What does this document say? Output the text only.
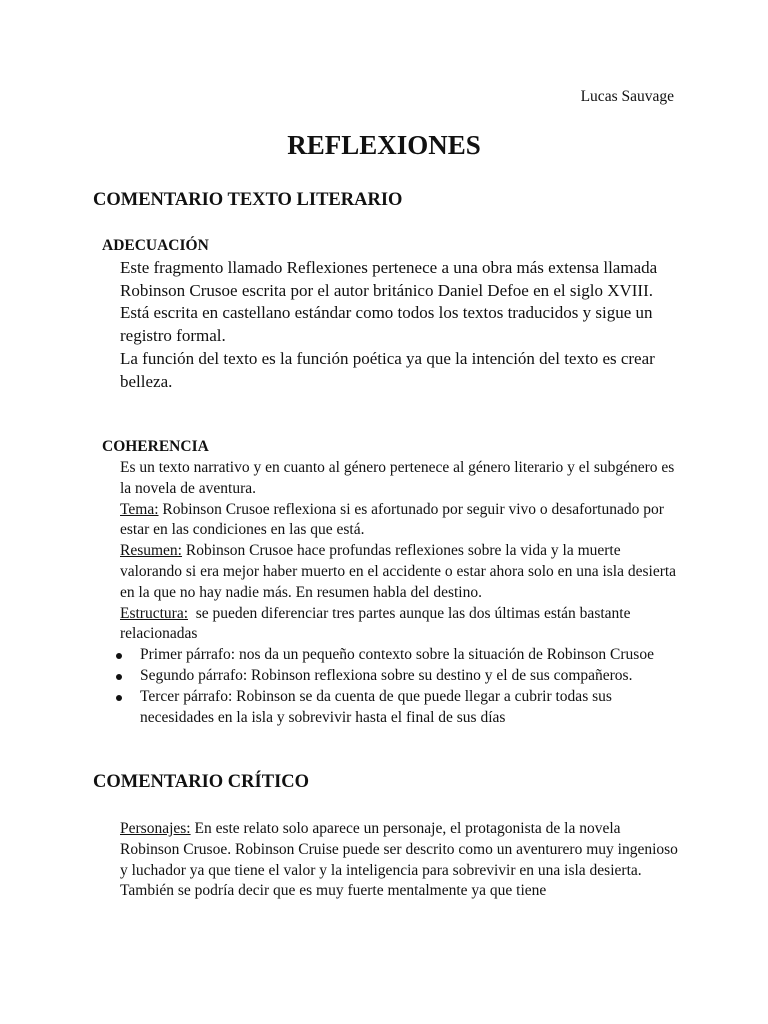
Lucas Sauvage
REFLEXIONES
COMENTARIO TEXTO LITERARIO
ADECUACIÓN

Este fragmento llamado Reflexiones pertenece a una obra más extensa llamada Robinson Crusoe escrita por el autor británico Daniel Defoe en el siglo XVIII.

Está escrita en castellano estándar como todos los textos traducidos y sigue un registro formal.

La función del texto es la función poética ya que la intención del texto es crear belleza.

COHERENCIA

Es un texto narrativo y en cuanto al género pertenece al género literario y el subgénero es la novela de aventura.

Tema: Robinson Crusoe reflexiona si es afortunado por seguir vivo o desafortunado por estar en las condiciones en las que está.

Resumen: Robinson Crusoe hace profundas reflexiones sobre la vida y la muerte valorando si era mejor haber muerto en el accidente o estar ahora solo en una isla desierta en la que no hay nadie más. En resumen habla del destino.

Estructura:  se pueden diferenciar tres partes aunque las dos últimas están bastante relacionadas

Primer párrafo: nos da un pequeño contexto sobre la situación de Robinson Crusoe
Segundo párrafo: Robinson reflexiona sobre su destino y el de sus compañeros.
Tercer párrafo: Robinson se da cuenta de que puede llegar a cubrir todas sus necesidades en la isla y sobrevivir hasta el final de sus días
COMENTARIO CRÍTICO

Personajes: En este relato solo aparece un personaje, el protagonista de la novela Robinson Crusoe. Robinson Cruise puede ser descrito como un aventurero muy ingenioso y luchador ya que tiene el valor y la inteligencia para sobrevivir en una isla desierta. También se podría decir que es muy fuerte mentalmente ya que tiene
